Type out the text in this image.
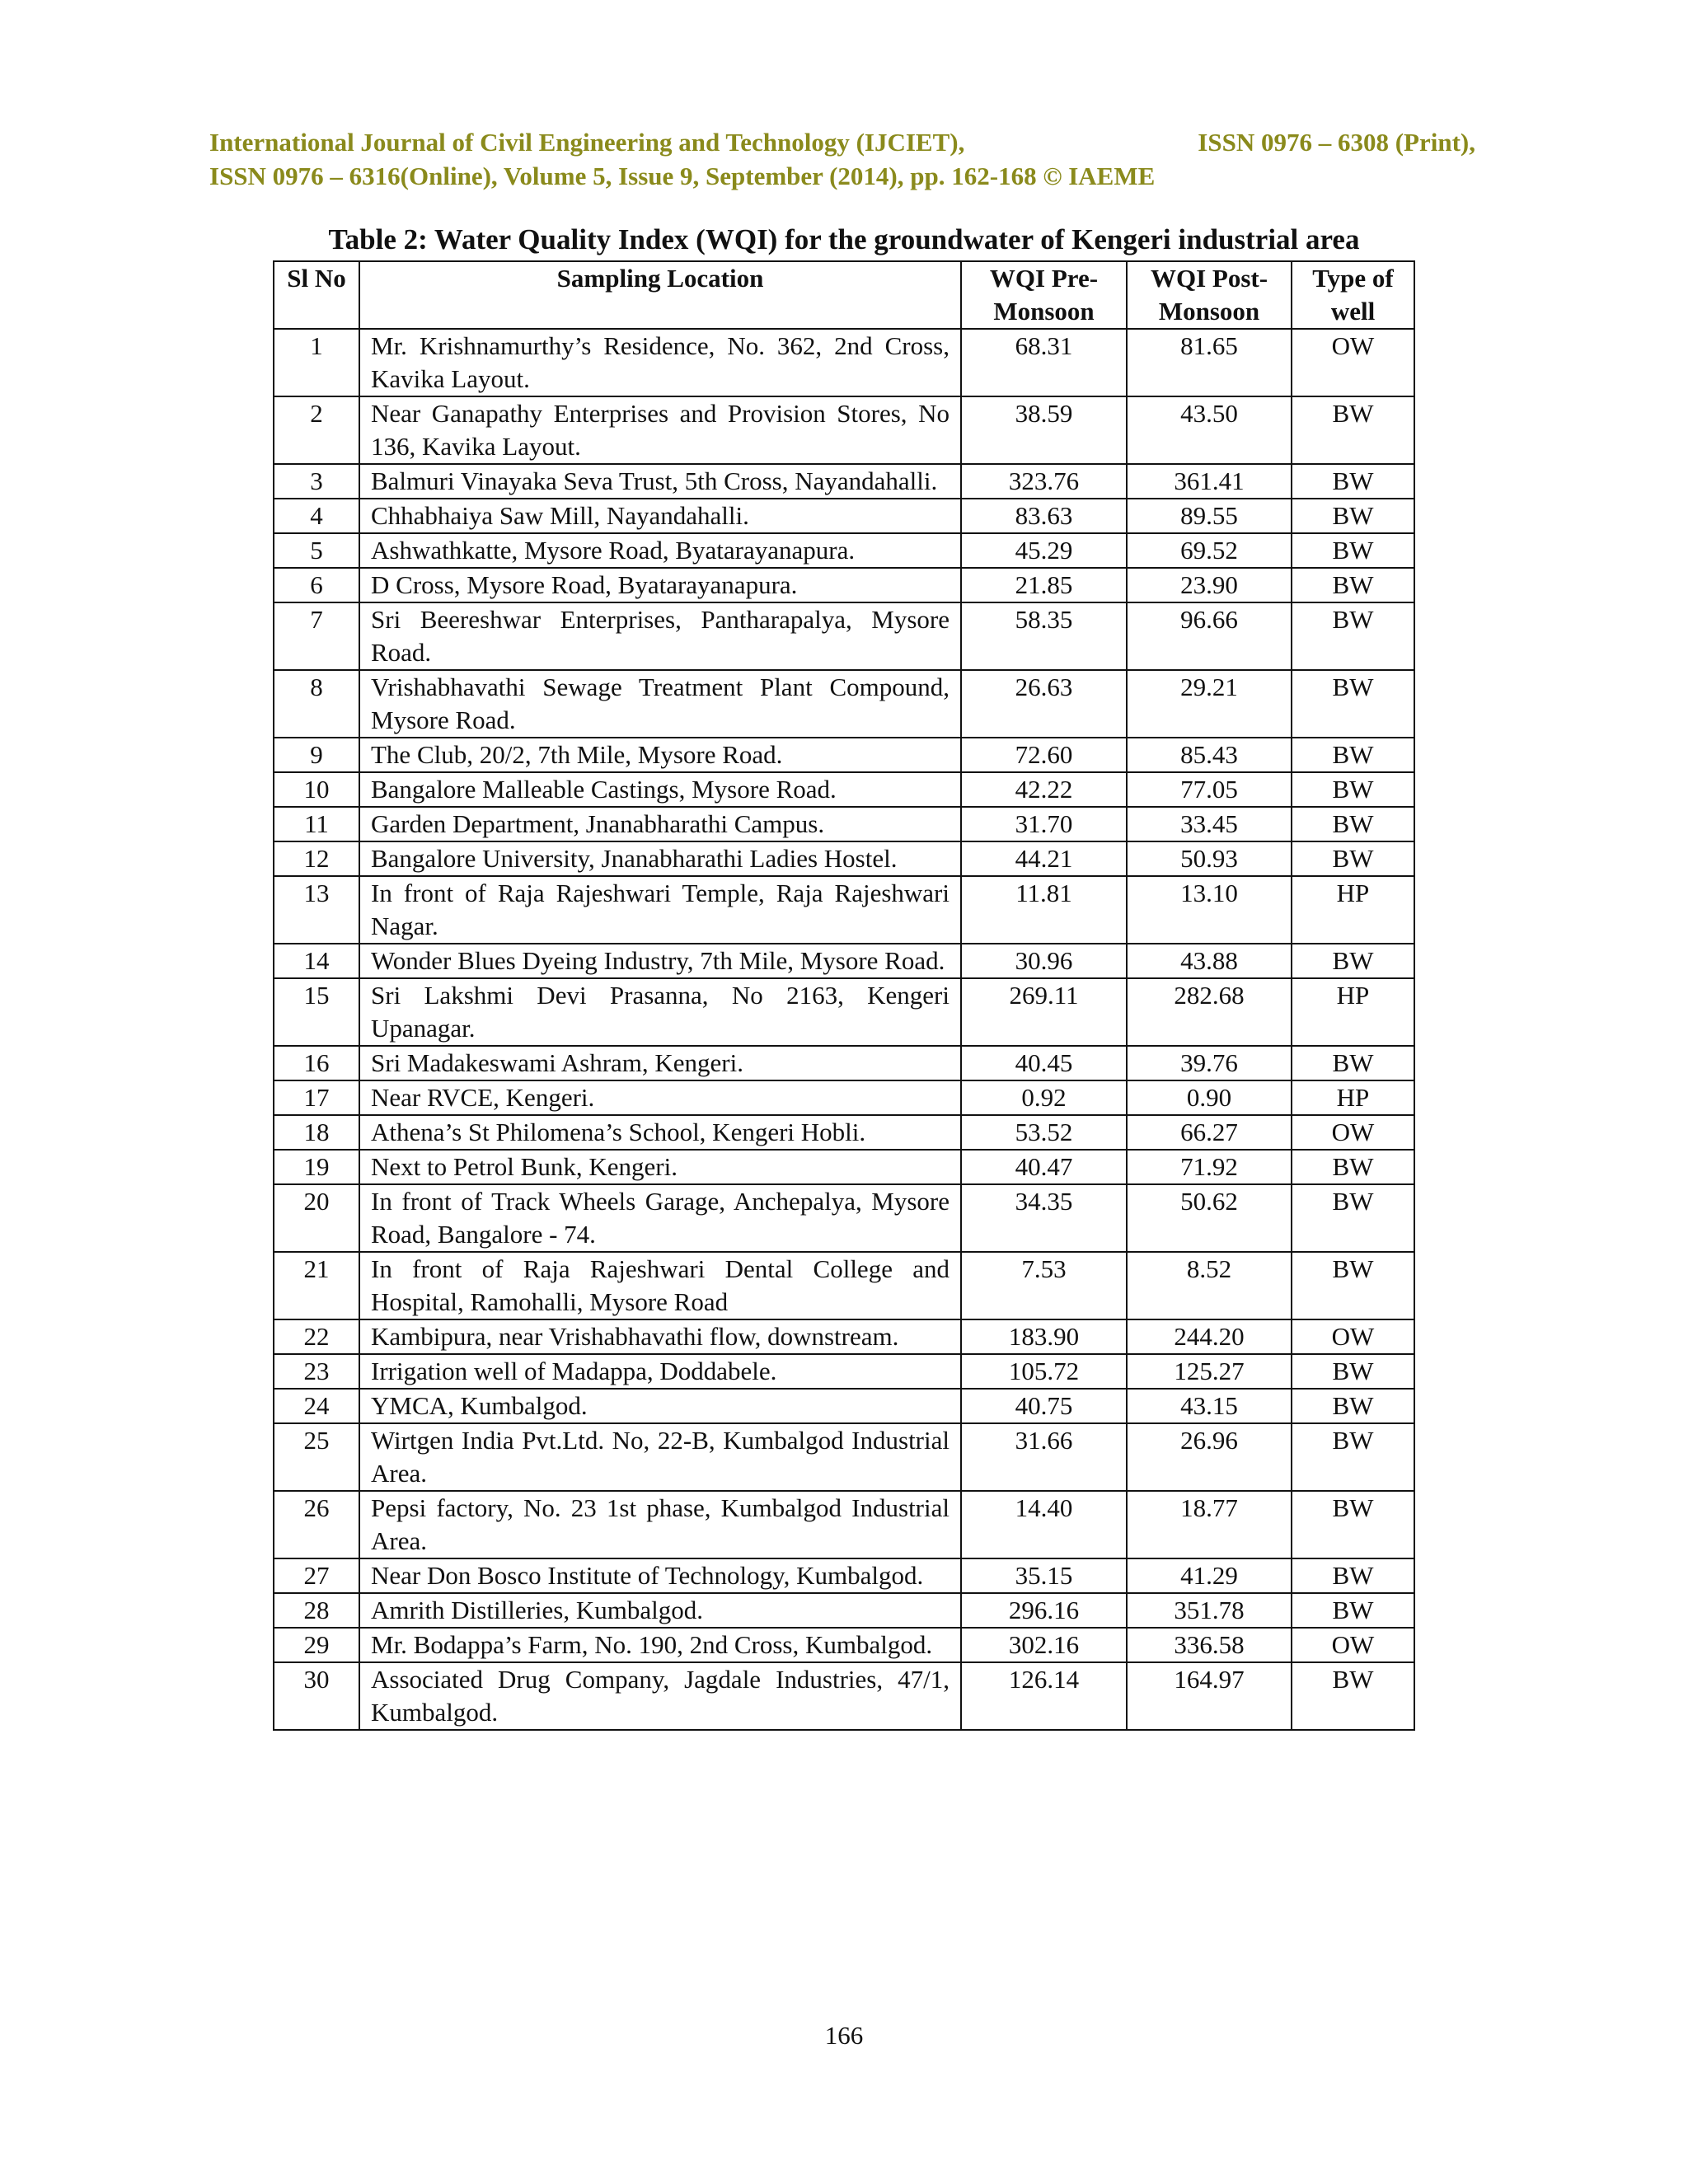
International Journal of Civil Engineering and Technology (IJCIET),	ISSN 0976 – 6308 (Print),
ISSN 0976 – 6316(Online), Volume 5, Issue 9, September (2014), pp. 162-168 © IAEME
Table 2: Water Quality Index (WQI) for the groundwater of Kengeri industrial area
Sl No	Sampling Location	WQI Pre-Monsoon	WQI Post-Monsoon	Type of well
1	Mr. Krishnamurthy’s Residence, No. 362, 2nd Cross, Kavika Layout.	68.31	81.65	OW
2	Near Ganapathy Enterprises and Provision Stores, No 136, Kavika Layout.	38.59	43.50	BW
3	Balmuri Vinayaka Seva Trust, 5th Cross, Nayandahalli.	323.76	361.41	BW
4	Chhabhaiya Saw Mill, Nayandahalli.	83.63	89.55	BW
5	Ashwathkatte, Mysore Road, Byatarayanapura.	45.29	69.52	BW
6	D Cross, Mysore Road, Byatarayanapura.	21.85	23.90	BW
7	Sri Beereshwar Enterprises, Pantharapalya, Mysore Road.	58.35	96.66	BW
8	Vrishabhavathi Sewage Treatment Plant Compound, Mysore Road.	26.63	29.21	BW
9	The Club, 20/2, 7th Mile, Mysore Road.	72.60	85.43	BW
10	Bangalore Malleable Castings, Mysore Road.	42.22	77.05	BW
11	Garden Department, Jnanabharathi Campus.	31.70	33.45	BW
12	Bangalore University, Jnanabharathi Ladies Hostel.	44.21	50.93	BW
13	In front of Raja Rajeshwari Temple, Raja Rajeshwari Nagar.	11.81	13.10	HP
14	Wonder Blues Dyeing Industry, 7th Mile, Mysore Road.	30.96	43.88	BW
15	Sri Lakshmi Devi Prasanna, No 2163, Kengeri Upanagar.	269.11	282.68	HP
16	Sri Madakeswami Ashram, Kengeri.	40.45	39.76	BW
17	Near RVCE, Kengeri.	0.92	0.90	HP
18	Athena’s St Philomena’s School, Kengeri Hobli.	53.52	66.27	OW
19	Next to Petrol Bunk, Kengeri.	40.47	71.92	BW
20	In front of Track Wheels Garage, Anchepalya, Mysore Road, Bangalore - 74.	34.35	50.62	BW
21	In front of Raja Rajeshwari Dental College and Hospital, Ramohalli, Mysore Road	7.53	8.52	BW
22	Kambipura, near Vrishabhavathi flow, downstream.	183.90	244.20	OW
23	Irrigation well of Madappa, Doddabele.	105.72	125.27	BW
24	YMCA, Kumbalgod.	40.75	43.15	BW
25	Wirtgen India Pvt.Ltd. No, 22-B, Kumbalgod Industrial Area.	31.66	26.96	BW
26	Pepsi factory, No. 23 1st phase, Kumbalgod Industrial Area.	14.40	18.77	BW
27	Near Don Bosco Institute of Technology, Kumbalgod.	35.15	41.29	BW
28	Amrith Distilleries, Kumbalgod.	296.16	351.78	BW
29	Mr. Bodappa’s Farm, No. 190, 2nd Cross, Kumbalgod.	302.16	336.58	OW
30	Associated Drug Company, Jagdale Industries, 47/1, Kumbalgod.	126.14	164.97	BW
166
